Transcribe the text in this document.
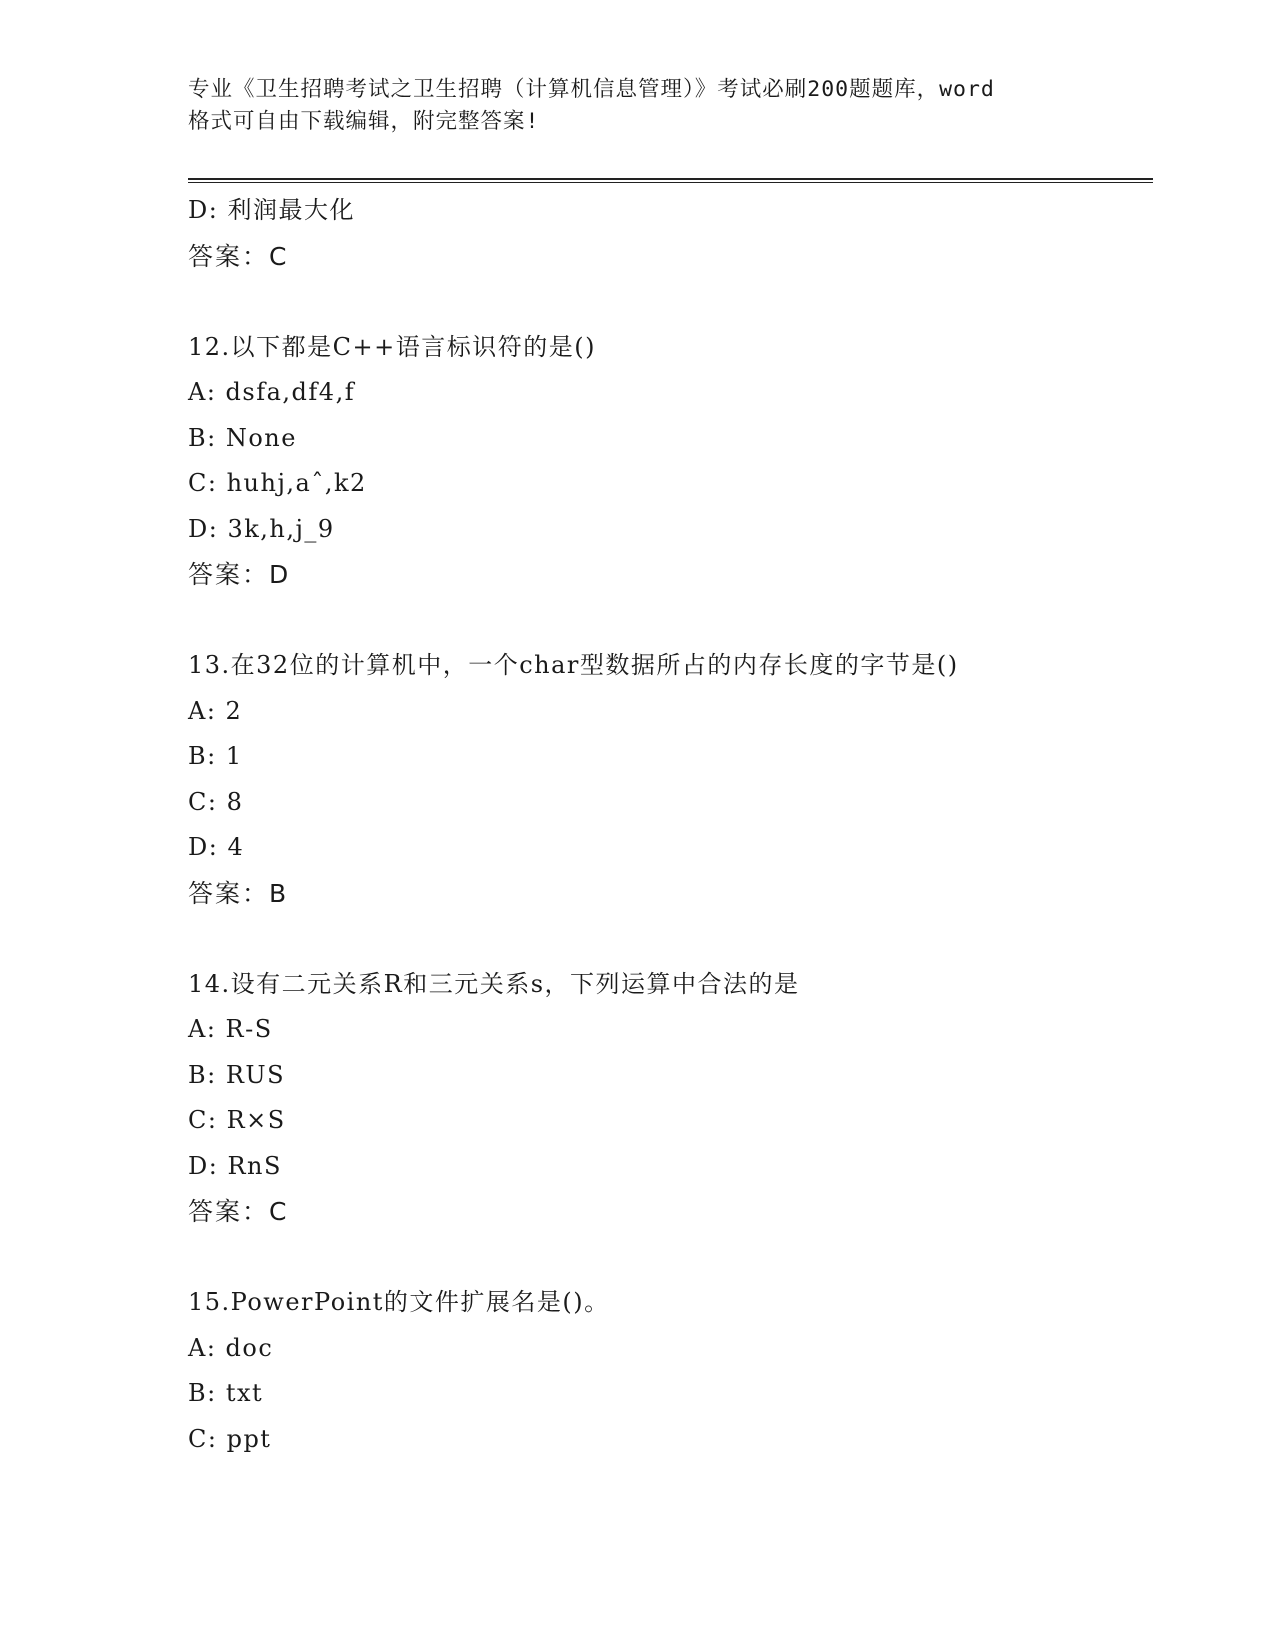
专业《卫生招聘考试之卫生招聘（计算机信息管理）》考试必刷200题题库，word
格式可自由下载编辑，附完整答案!
D: 利润最大化
答案：C
12.以下都是C++语言标识符的是()
A: dsfa,df4,f
B: None
C: huhj,aˆ,k2
D: 3k,h,j_9
答案：D
13.在32位的计算机中，一个char型数据所占的内存长度的字节是()
A: 2
B: 1
C: 8
D: 4
答案：B
14.设有二元关系R和三元关系s，下列运算中合法的是
A: R-S
B: RUS
C: R×S
D: RnS
答案：C
15.PowerPoint的文件扩展名是()。
A: doc
B: txt
C: ppt
